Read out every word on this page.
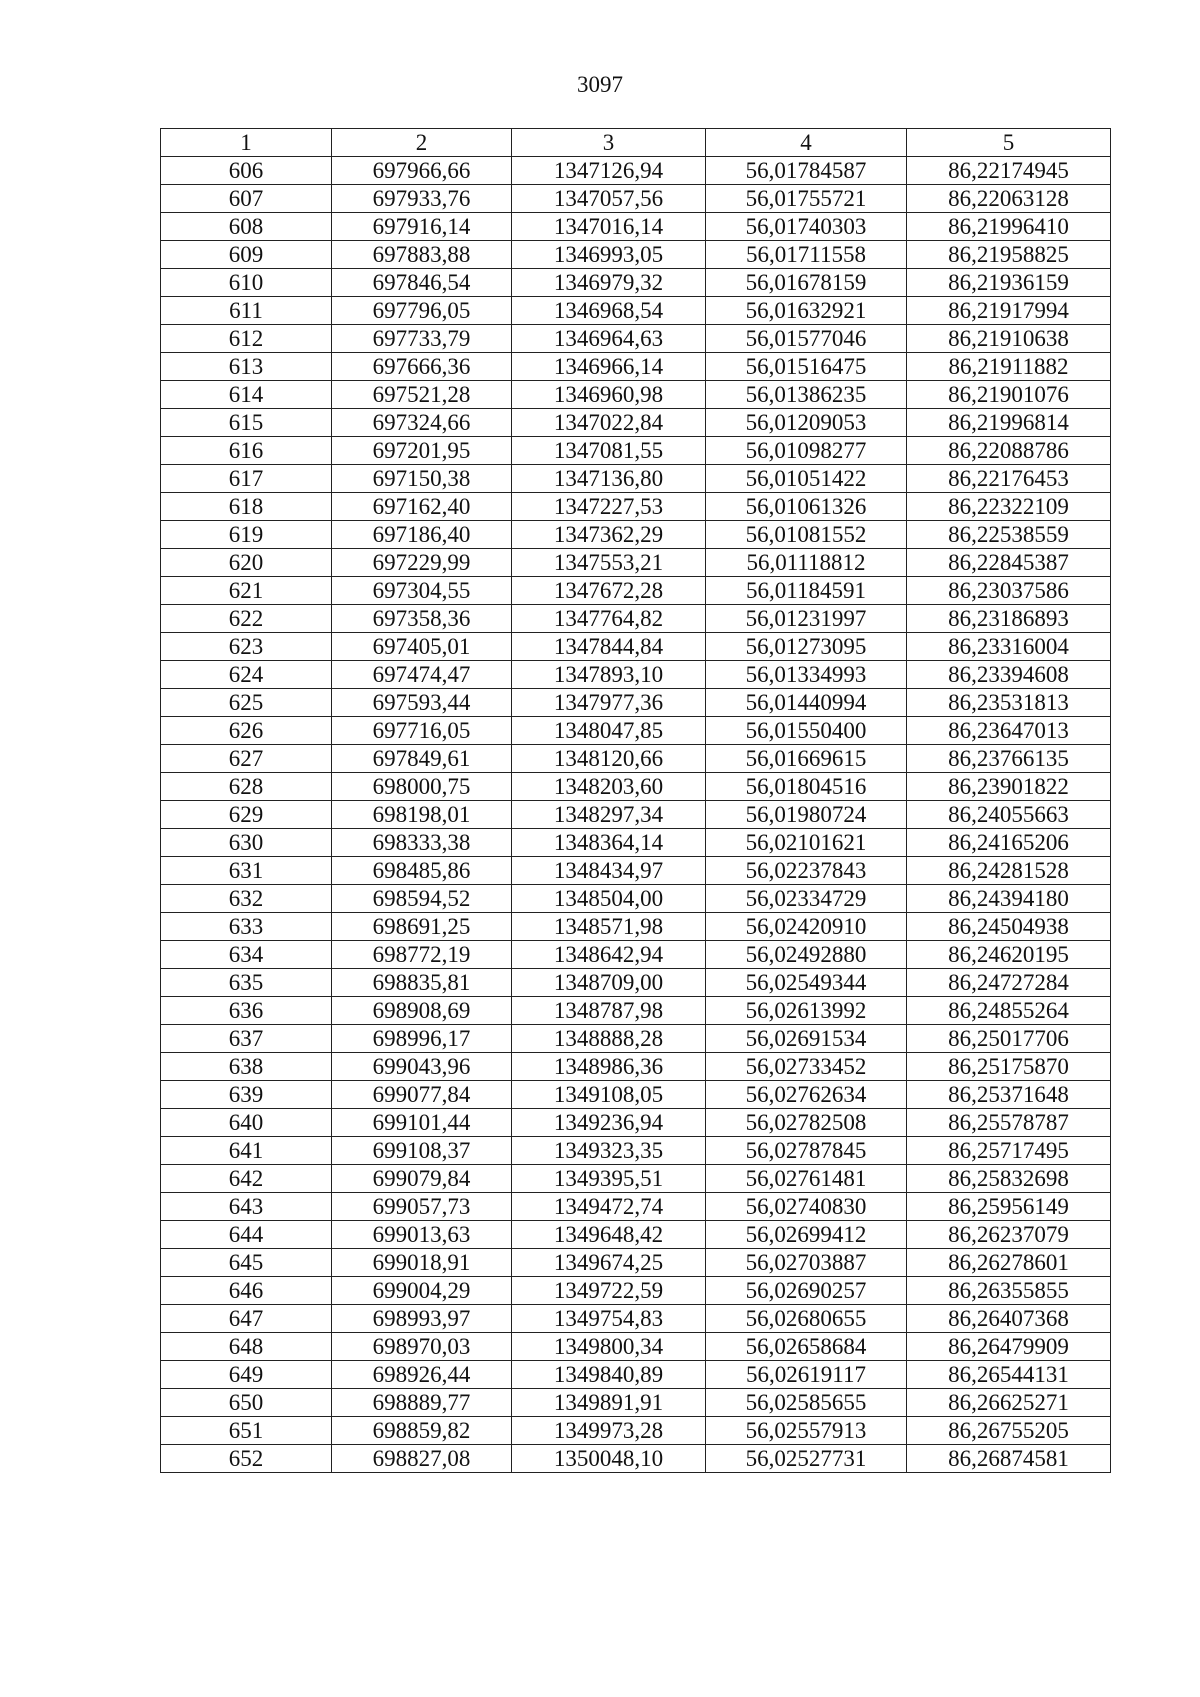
3097
1	2	3	4	5
606	697966,66	1347126,94	56,01784587	86,22174945
607	697933,76	1347057,56	56,01755721	86,22063128
608	697916,14	1347016,14	56,01740303	86,21996410
609	697883,88	1346993,05	56,01711558	86,21958825
610	697846,54	1346979,32	56,01678159	86,21936159
611	697796,05	1346968,54	56,01632921	86,21917994
612	697733,79	1346964,63	56,01577046	86,21910638
613	697666,36	1346966,14	56,01516475	86,21911882
614	697521,28	1346960,98	56,01386235	86,21901076
615	697324,66	1347022,84	56,01209053	86,21996814
616	697201,95	1347081,55	56,01098277	86,22088786
617	697150,38	1347136,80	56,01051422	86,22176453
618	697162,40	1347227,53	56,01061326	86,22322109
619	697186,40	1347362,29	56,01081552	86,22538559
620	697229,99	1347553,21	56,01118812	86,22845387
621	697304,55	1347672,28	56,01184591	86,23037586
622	697358,36	1347764,82	56,01231997	86,23186893
623	697405,01	1347844,84	56,01273095	86,23316004
624	697474,47	1347893,10	56,01334993	86,23394608
625	697593,44	1347977,36	56,01440994	86,23531813
626	697716,05	1348047,85	56,01550400	86,23647013
627	697849,61	1348120,66	56,01669615	86,23766135
628	698000,75	1348203,60	56,01804516	86,23901822
629	698198,01	1348297,34	56,01980724	86,24055663
630	698333,38	1348364,14	56,02101621	86,24165206
631	698485,86	1348434,97	56,02237843	86,24281528
632	698594,52	1348504,00	56,02334729	86,24394180
633	698691,25	1348571,98	56,02420910	86,24504938
634	698772,19	1348642,94	56,02492880	86,24620195
635	698835,81	1348709,00	56,02549344	86,24727284
636	698908,69	1348787,98	56,02613992	86,24855264
637	698996,17	1348888,28	56,02691534	86,25017706
638	699043,96	1348986,36	56,02733452	86,25175870
639	699077,84	1349108,05	56,02762634	86,25371648
640	699101,44	1349236,94	56,02782508	86,25578787
641	699108,37	1349323,35	56,02787845	86,25717495
642	699079,84	1349395,51	56,02761481	86,25832698
643	699057,73	1349472,74	56,02740830	86,25956149
644	699013,63	1349648,42	56,02699412	86,26237079
645	699018,91	1349674,25	56,02703887	86,26278601
646	699004,29	1349722,59	56,02690257	86,26355855
647	698993,97	1349754,83	56,02680655	86,26407368
648	698970,03	1349800,34	56,02658684	86,26479909
649	698926,44	1349840,89	56,02619117	86,26544131
650	698889,77	1349891,91	56,02585655	86,26625271
651	698859,82	1349973,28	56,02557913	86,26755205
652	698827,08	1350048,10	56,02527731	86,26874581
